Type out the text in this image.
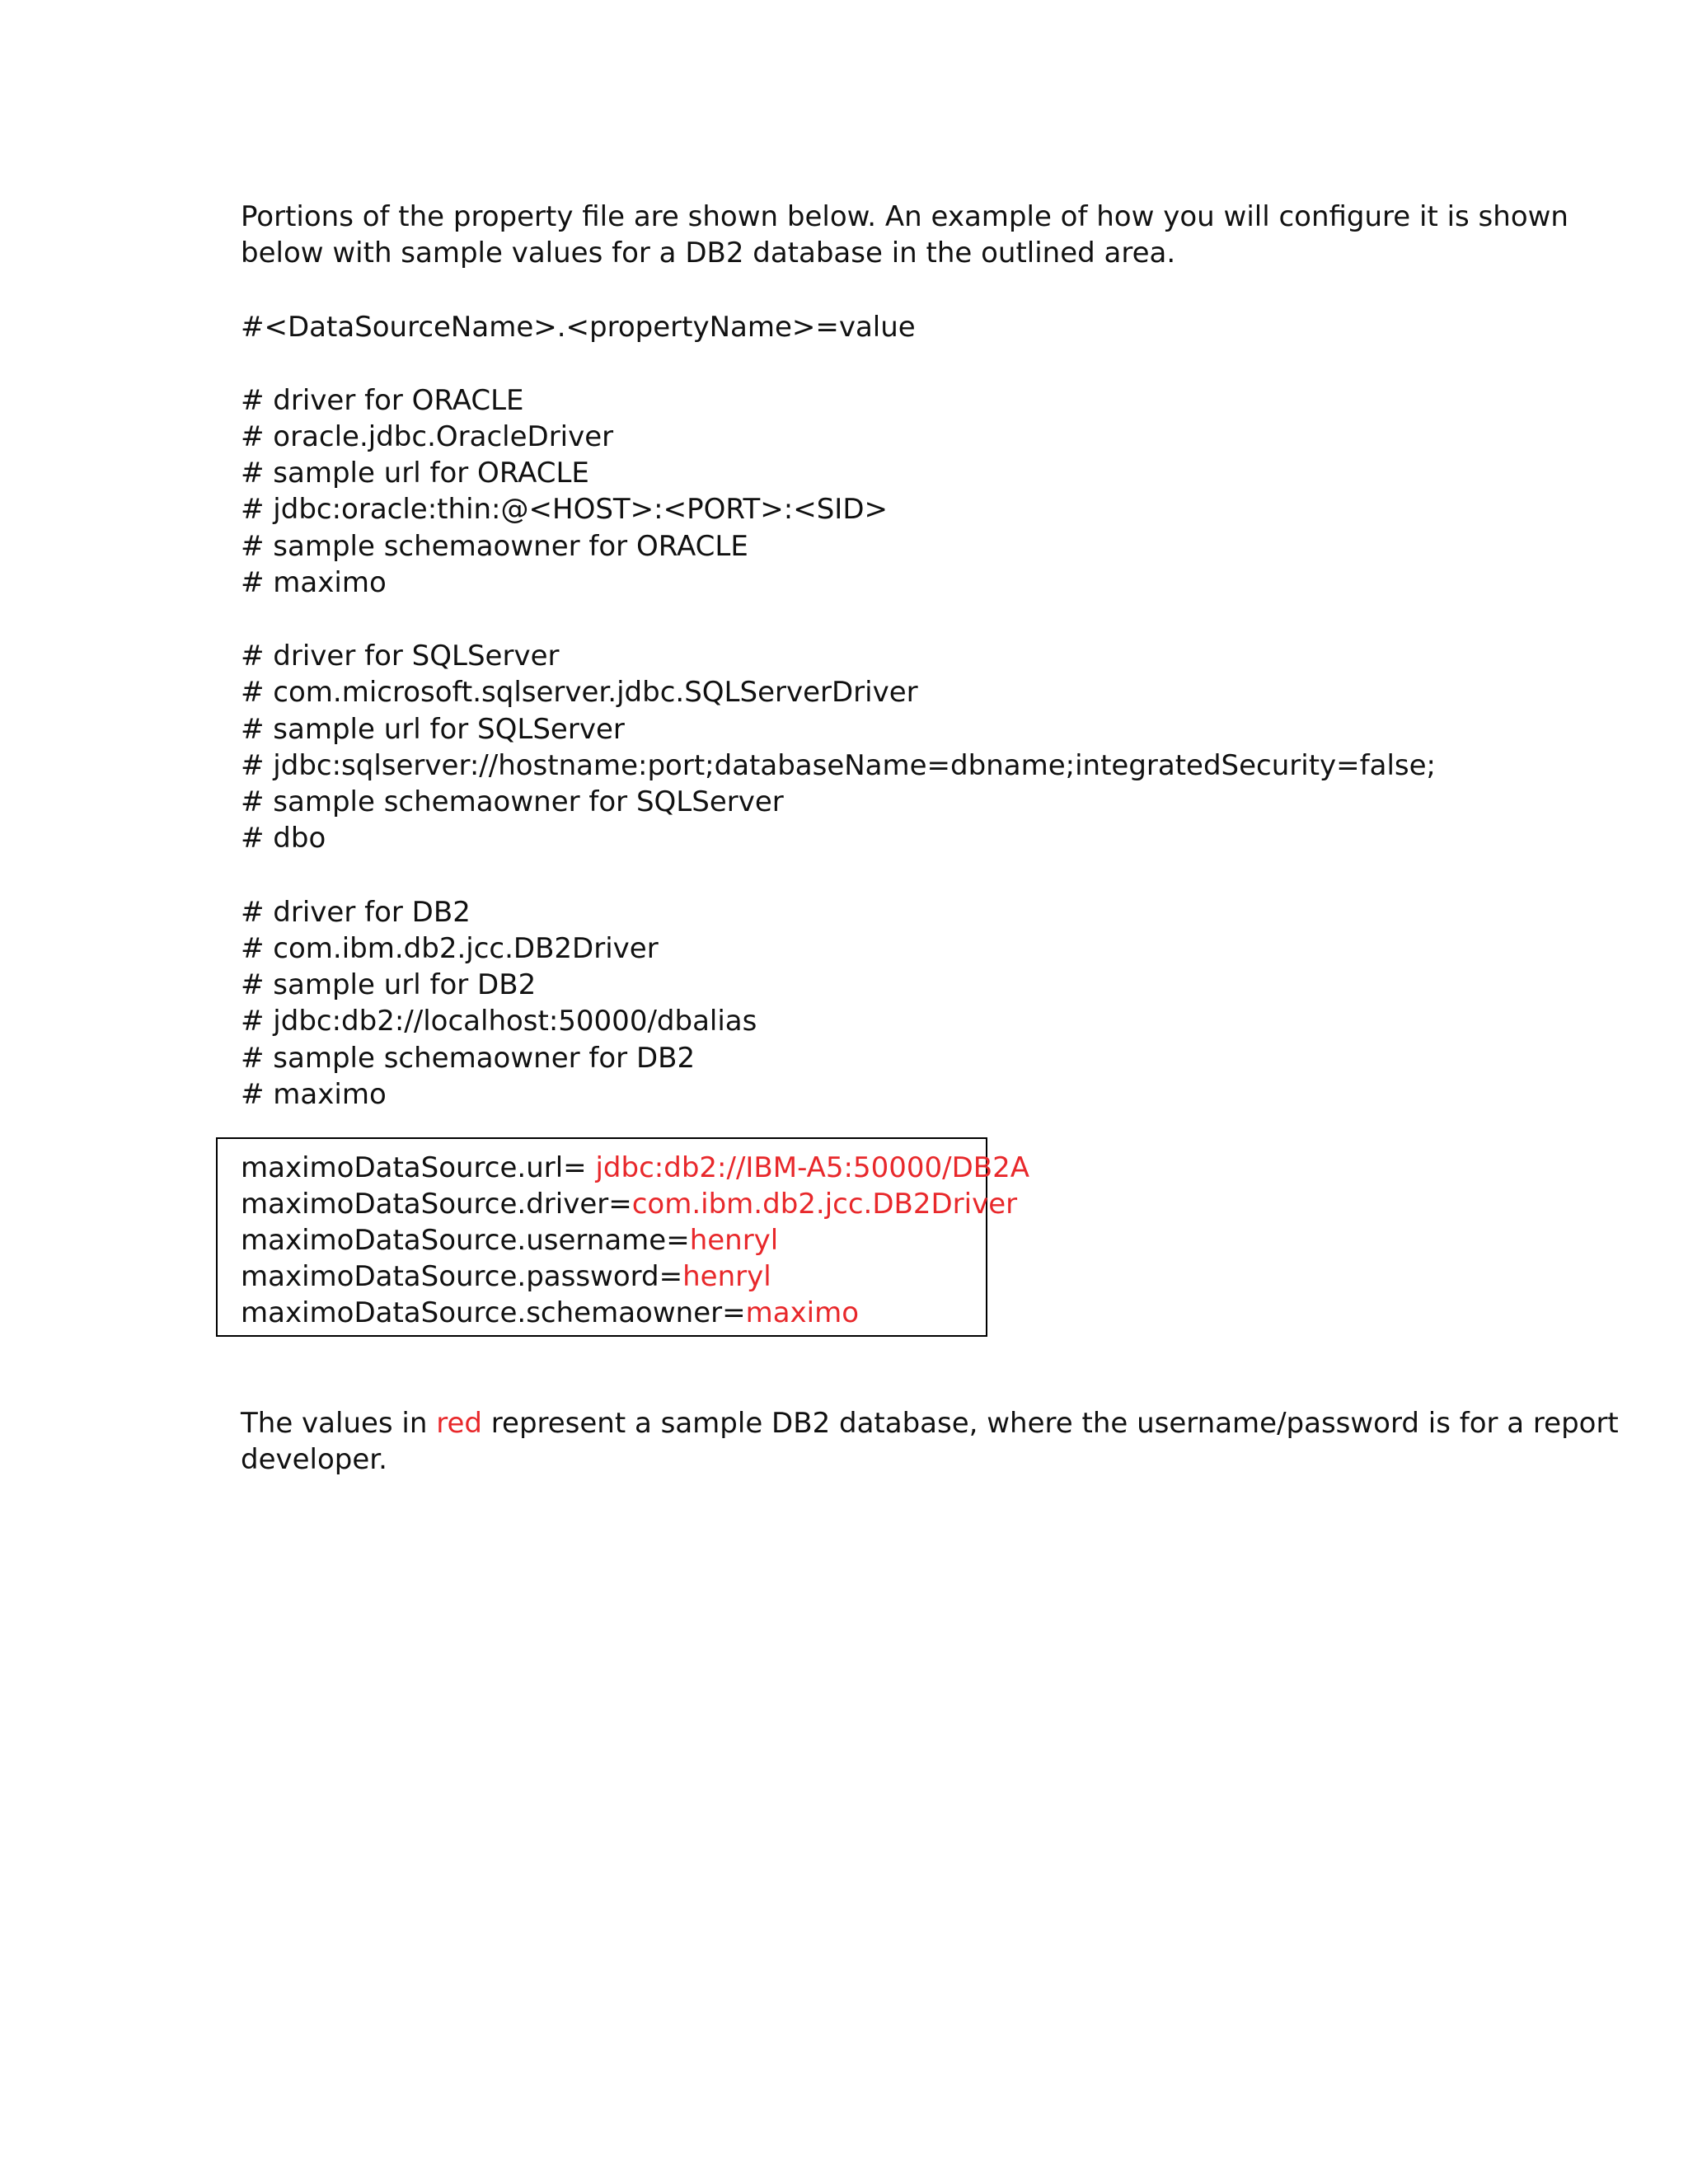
Portions of the property file are shown below. An example of how you will configure it is shown
below with sample values for a DB2 database in the outlined area.
#<DataSourceName>.<propertyName>=value
# driver for ORACLE
# oracle.jdbc.OracleDriver
# sample url for ORACLE
# jdbc:oracle:thin:@<HOST>:<PORT>:<SID>
# sample schemaowner for ORACLE
# maximo
# driver for SQLServer
# com.microsoft.sqlserver.jdbc.SQLServerDriver
# sample url for SQLServer
# jdbc:sqlserver://hostname:port;databaseName=dbname;integratedSecurity=false;
# sample schemaowner for SQLServer
# dbo
# driver for DB2
# com.ibm.db2.jcc.DB2Driver
# sample url for DB2
# jdbc:db2://localhost:50000/dbalias
# sample schemaowner for DB2
# maximo
maximoDataSource.url= jdbc:db2://IBM-A5:50000/DB2A
maximoDataSource.driver=com.ibm.db2.jcc.DB2Driver
maximoDataSource.username=henryl
maximoDataSource.password=henryl
maximoDataSource.schemaowner=maximo
The values in red represent a sample DB2 database, where the username/password is for a report
developer.
